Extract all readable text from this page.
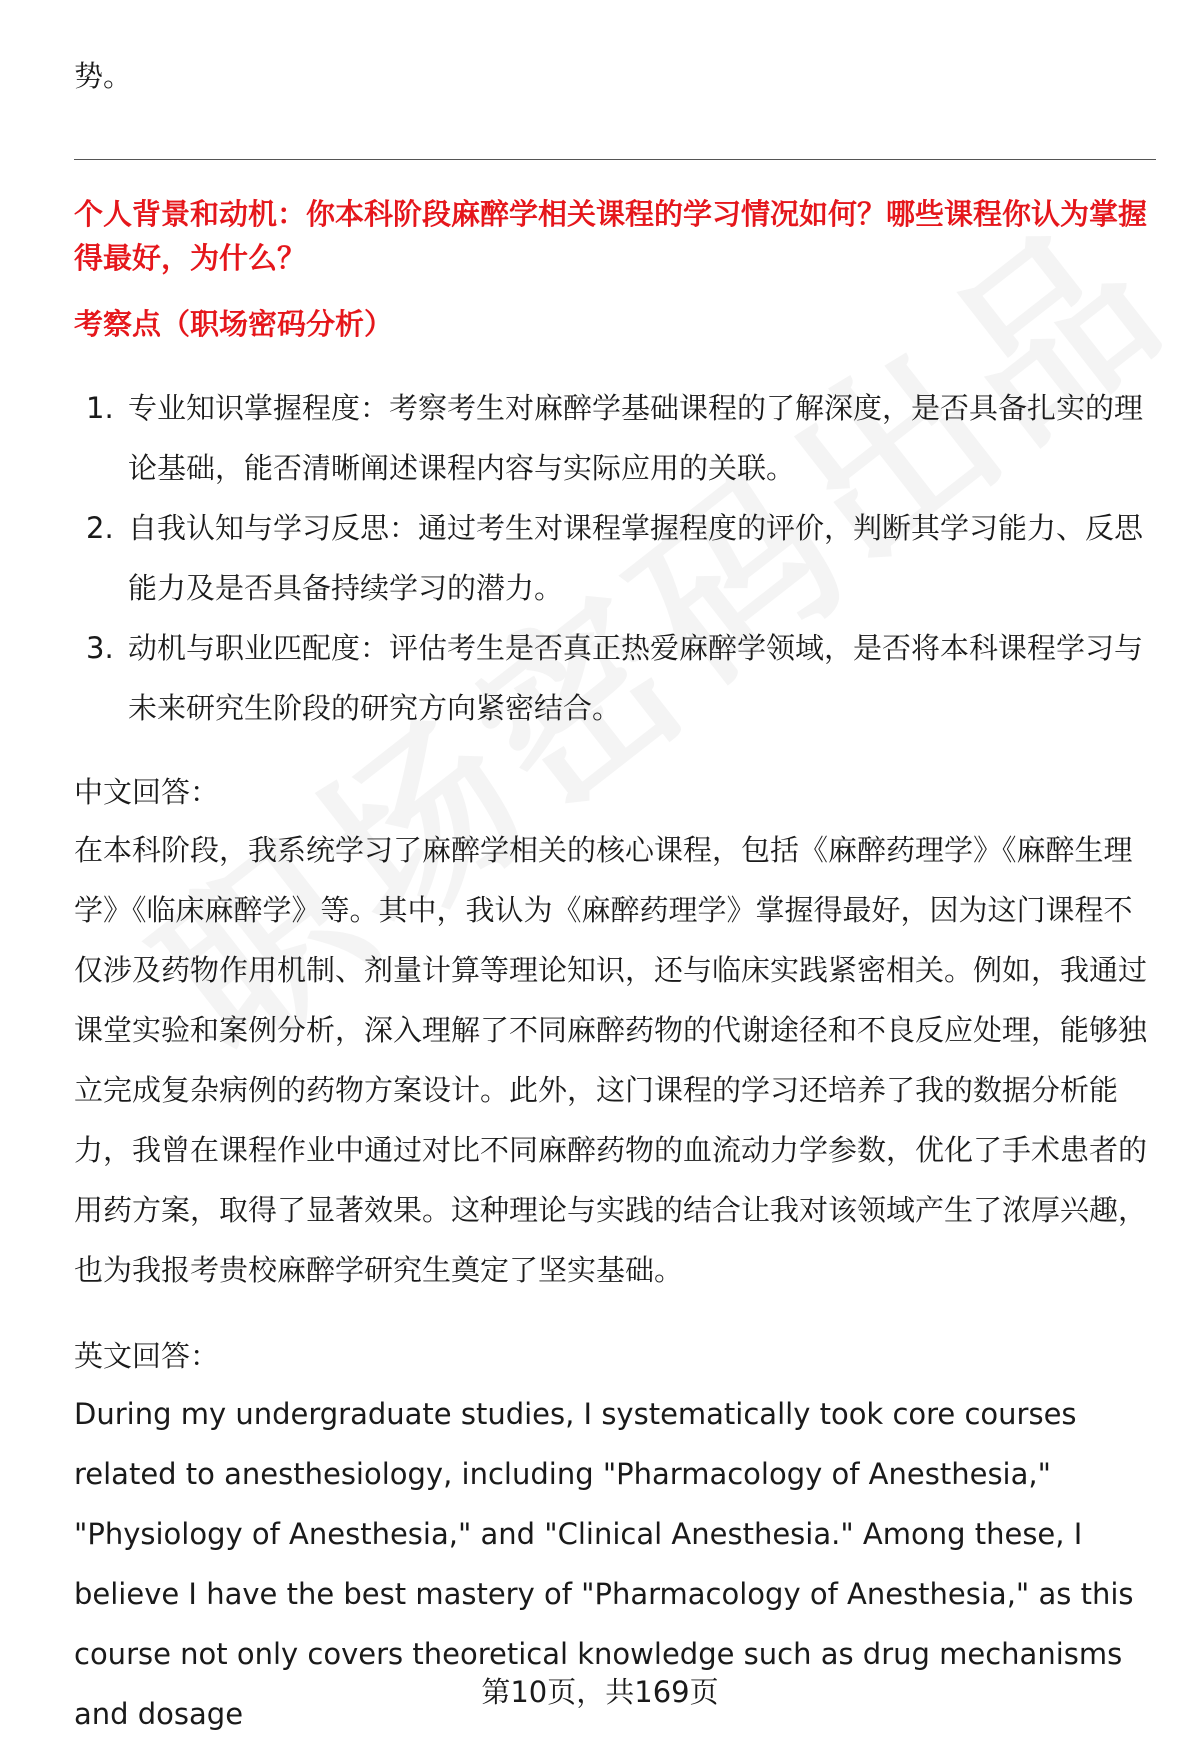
势。
个人背景和动机：你本科阶段麻醉学相关课程的学习情况如何？哪些课程你认为掌握得最好，为什么？
考察点（职场密码分析）
1. 专业知识掌握程度：考察考生对麻醉学基础课程的了解深度，是否具备扎实的理论基础，能否清晰阐述课程内容与实际应用的关联。
2. 自我认知与学习反思：通过考生对课程掌握程度的评价，判断其学习能力、反思能力及是否具备持续学习的潜力。
3. 动机与职业匹配度：评估考生是否真正热爱麻醉学领域，是否将本科课程学习与未来研究生阶段的研究方向紧密结合。
中文回答：

在本科阶段，我系统学习了麻醉学相关的核心课程，包括《麻醉药理学》《麻醉生理学》《临床麻醉学》等。其中，我认为《麻醉药理学》掌握得最好，因为这门课程不仅涉及药物作用机制、剂量计算等理论知识，还与临床实践紧密相关。例如，我通过课堂实验和案例分析，深入理解了不同麻醉药物的代谢途径和不良反应处理，能够独立完成复杂病例的药物方案设计。此外，这门课程的学习还培养了我的数据分析能力，我曾在课程作业中通过对比不同麻醉药物的血流动力学参数，优化了手术患者的用药方案，取得了显著效果。这种理论与实践的结合让我对该领域产生了浓厚兴趣，也为我报考贵校麻醉学研究生奠定了坚实基础。

英文回答：

During my undergraduate studies, I systematically took core courses related to anesthesiology, including "Pharmacology of Anesthesia," "Physiology of Anesthesia," and "Clinical Anesthesia." Among these, I believe I have the best mastery of "Pharmacology of Anesthesia," as this course not only covers theoretical knowledge such as drug mechanisms and dosage

第10页，共169页
